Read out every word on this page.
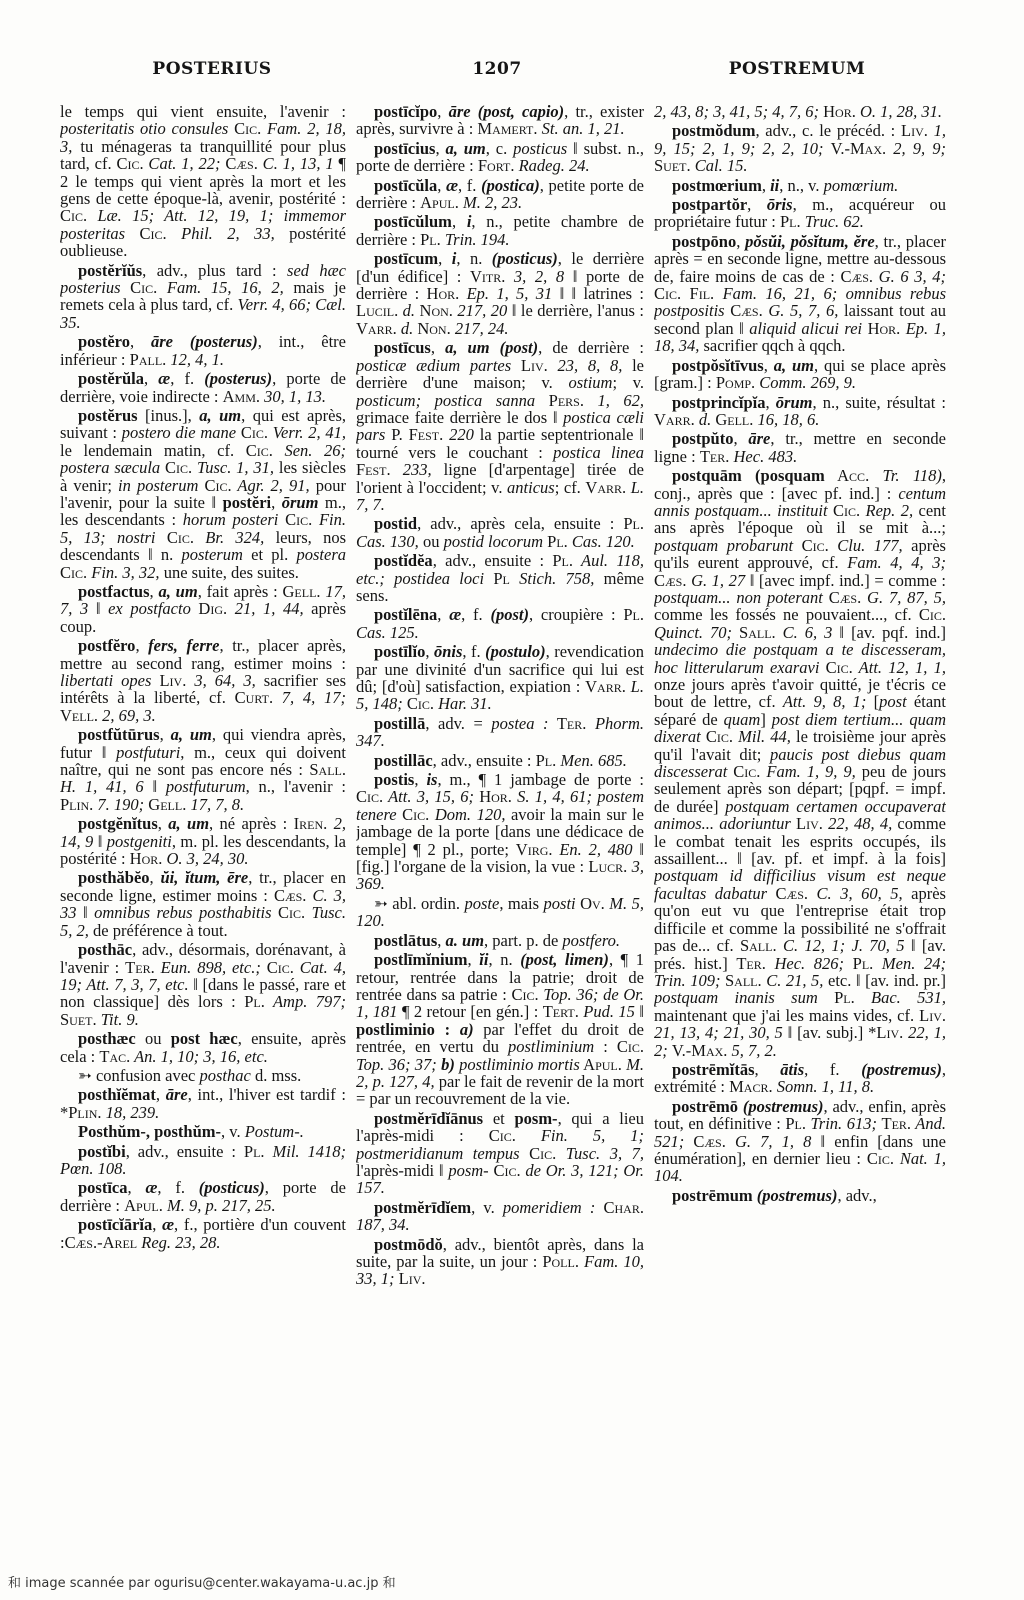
POSTERIUS	1207	POSTREMUM

le temps qui vient ensuite, l'avenir : posteritatis otio consules Cic. Fam. 2, 18, 3, tu ménageras ta tranquillité pour plus tard, cf. Cic. Cat. 1, 22; Cæs. C. 1, 13, 1 ¶ 2 le temps qui vient après la mort et les gens de cette époque-là, avenir, postérité : Cic. Læ. 15; Att. 12, 19, 1; immemor posteritas Cic. Phil. 2, 33, postérité oublieuse.

postĕrĭŭs, adv., plus tard : sed hæc posterius Cic. Fam. 15, 16, 2, mais je remets cela à plus tard, cf. Verr. 4, 66; Cæl. 35.

postĕro, āre (posterus), int., être inférieur : Pall. 12, 4, 1.

postĕrŭla, æ, f. (posterus), porte de derrière, voie indirecte : Amm. 30, 1, 13.

postĕrus [inus.], a, um, qui est après, suivant : postero die mane Cic. Verr. 2, 41, le lendemain matin, cf. Cic. Sen. 26; postera sæcula Cic. Tusc. 1, 31, les siècles à venir; in posterum Cic. Agr. 2, 91, pour l'avenir, pour la suite ‖ postĕri, ōrum m., les descendants : horum posteri Cic. Fin. 5, 13; nostri Cic. Br. 324, leurs, nos descendants ‖ n. posterum et pl. postera Cic. Fin. 3, 32, une suite, des suites.

postfactus, a, um, fait après : Gell. 17, 7, 3 ‖ ex postfacto Dig. 21, 1, 44, après coup.

postfĕro, fers, ferre, tr., placer après, mettre au second rang, estimer moins : libertati opes Liv. 3, 64, 3, sacrifier ses intérêts à la liberté, cf. Curt. 7, 4, 17; Vell. 2, 69, 3.

postfŭtūrus, a, um, qui viendra après, futur ‖ postfuturi, m., ceux qui doivent naître, qui ne sont pas encore nés : Sall. H. 1, 41, 6 ‖ postfuturum, n., l'avenir : Plin. 7. 190; Gell. 17, 7, 8.

postgĕnĭtus, a, um, né après : Iren. 2, 14, 9 ‖ postgeniti, m. pl. les descendants, la postérité : Hor. O. 3, 24, 30.

posthăbĕo, ŭi, ĭtum, ēre, tr., placer en seconde ligne, estimer moins : Cæs. C. 3, 33 ‖ omnibus rebus posthabitis Cic. Tusc. 5, 2, de préférence à tout.

posthāc, adv., désormais, dorénavant, à l'avenir : Ter. Eun. 898, etc.; Cic. Cat. 4, 19; Att. 7, 3, 7, etc. ‖ [dans le passé, rare et non classique] dès lors : Pl. Amp. 797; Suet. Tit. 9.

posthæc ou post hæc, ensuite, après cela : Tac. An. 1, 10; 3, 16, etc.

➳ confusion avec posthac d. mss.

posthĭĕmat, āre, int., l'hiver est tardif : *Plin. 18, 239.

Posthŭm-, posthŭm-, v. Postum-.

postĭbi, adv., ensuite : Pl. Mil. 1418; Pœn. 108.

postīca, æ, f. (posticus), porte de derrière : Apul. M. 9, p. 217, 25.

postīcĭārĭa, æ, f., portière d'un couvent :Cæs.-Arel Reg. 23, 28.

postīcĭpo, āre (post, capio), tr., exister après, survivre à : Mamert. St. an. 1, 21.

postīcius, a, um, c. posticus ‖ subst. n., porte de derrière : Fort. Radeg. 24.

postīcŭla, æ, f. (postica), petite porte de derrière : Apul. M. 2, 23.

postīcŭlum, i, n., petite chambre de derrière : Pl. Trin. 194.

postīcum, i, n. (posticus), le derrière [d'un édifice] : Vitr. 3, 2, 8 ‖ porte de derrière : Hor. Ep. 1, 5, 31 ‖ ‖ latrines : Lucil. d. Non. 217, 20 ‖ le derrière, l'anus : Varr. d. Non. 217, 24.

postīcus, a, um (post), de derrière : posticæ ædium partes Liv. 23, 8, 8, le derrière d'une maison; v. ostium; v. posticum; postica sanna Pers. 1, 62, grimace faite derrière le dos ‖ postica cæli pars P. Fest. 220 la partie septentrionale ‖ tourné vers le couchant : postica linea Fest. 233, ligne [d'arpentage] tirée de l'orient à l'occident; v. anticus; cf. Varr. L. 7, 7.

postid, adv., après cela, ensuite : Pl. Cas. 130, ou postid locorum Pl. Cas. 120.

postĭdĕa, adv., ensuite : Pl. Aul. 118, etc.; postidea loci Pl Stich. 758, même sens.

postĭlēna, æ, f. (post), croupière : Pl. Cas. 125.

postīlĭo, ōnis, f. (postulo), revendication par une divinité d'un sacrifice qui lui est dû; [d'où] satisfaction, expiation : Varr. L. 5, 148; Cic. Har. 31.

postillā, adv. = postea : Ter. Phorm. 347.

postillāc, adv., ensuite : Pl. Men. 685.

postis, is, m., ¶ 1 jambage de porte : Cic. Att. 3, 15, 6; Hor. S. 1, 4, 61; postem tenere Cic. Dom. 120, avoir la main sur le jambage de la porte [dans une dédicace de temple] ¶ 2 pl., porte; Virg. En. 2, 480 ‖ [fig.] l'organe de la vision, la vue : Lucr. 3, 369.

➳ abl. ordin. poste, mais posti Ov. M. 5, 120.

postlātus, a. um, part. p. de postfero.

postlīmĭnium, ĭi, n. (post, limen), ¶ 1 retour, rentrée dans la patrie; droit de rentrée dans sa patrie : Cic. Top. 36; de Or. 1, 181 ¶ 2 retour [en gén.] : Tert. Pud. 15 ‖ postliminio : a) par l'effet du droit de rentrée, en vertu du postliminium : Cic. Top. 36; 37; b) postliminio mortis Apul. M. 2, p. 127, 4, par le fait de revenir de la mort = par un recouvrement de la vie.

postmĕrīdĭānus et posm-, qui a lieu l'après-midi : Cic. Fin. 5, 1; postmeridianum tempus Cic. Tusc. 3, 7, l'après-midi ‖ posm- Cic. de Or. 3, 121; Or. 157.

postmĕrīdĭem, v. pomeridiem : Char. 187, 34.

postmōdŏ, adv., bientôt après, dans la suite, par la suite, un jour : Poll. Fam. 10, 33, 1; Liv.

2, 43, 8; 3, 41, 5; 4, 7, 6; Hor. O. 1, 28, 31.

postmŏdum, adv., c. le précéd. : Liv. 1, 9, 15; 2, 1, 9; 2, 2, 10; V.-Max. 2, 9, 9; Suet. Cal. 15.

postmœrium, ii, n., v. pomœrium.

postpartŏr, ōris, m., acquéreur ou propriétaire futur : Pl. Truc. 62.

postpōno, pŏsŭi, pŏsĭtum, ĕre, tr., placer après = en seconde ligne, mettre au-dessous de, faire moins de cas de : Cæs. G. 6 3, 4; Cic. Fil. Fam. 16, 21, 6; omnibus rebus postpositis Cæs. G. 5, 7, 6, laissant tout au second plan ‖ aliquid alicui rei Hor. Ep. 1, 18, 34, sacrifier qqch à qqch.

postpŏsĭtīvus, a, um, qui se place après [gram.] : Pomp. Comm. 269, 9.

postprincĭpĭa, ōrum, n., suite, résultat : Varr. d. Gell. 16, 18, 6.

postpŭto, āre, tr., mettre en seconde ligne : Ter. Hec. 483.

postquām (posquam Acc. Tr. 118), conj., après que : [avec pf. ind.] : centum annis postquam... instituit Cic. Rep. 2, cent ans après l'époque où il se mit à...; postquam probarunt Cic. Clu. 177, après qu'ils eurent approuvé, cf. Fam. 4, 4, 3; Cæs. G. 1, 27 ‖ [avec impf. ind.] = comme : postquam... non poterant Cæs. G. 7, 87, 5, comme les fossés ne pouvaient..., cf. Cic. Quinct. 70; Sall. C. 6, 3 ‖ [av. pqf. ind.] undecimo die postquam a te discesseram, hoc litterularum exaravi Cic. Att. 12, 1, 1, onze jours après t'avoir quitté, je t'écris ce bout de lettre, cf. Att. 9, 8, 1; [post étant séparé de quam] post diem tertium... quam dixerat Cic. Mil. 44, le troisième jour après qu'il l'avait dit; paucis post diebus quam discesserat Cic. Fam. 1, 9, 9, peu de jours seulement après son départ; [pqpf. = impf. de durée] postquam certamen occupaverat animos... adoriuntur Liv. 22, 48, 4, comme le combat tenait les esprits occupés, ils assaillent... ‖ [av. pf. et impf. à la fois] postquam id difficilius visum est neque facultas dabatur Cæs. C. 3, 60, 5, après qu'on eut vu que l'entreprise était trop difficile et comme la possibilité ne s'offrait pas de... cf. Sall. C. 12, 1; J. 70, 5 ‖ [av. prés. hist.] Ter. Hec. 826; Pl. Men. 24; Trin. 109; Sall. C. 21, 5, etc. ‖ [av. ind. pr.] postquam inanis sum Pl. Bac. 531, maintenant que j'ai les mains vides, cf. Liv. 21, 13, 4; 21, 30, 5 ‖ [av. subj.] *Liv. 22, 1, 2; V.-Max. 5, 7, 2.

postrēmĭtās, ātis, f. (postremus), extrémité : Macr. Somn. 1, 11, 8.

postrēmō (postremus), adv., enfin, après tout, en définitive : Pl. Trin. 613; Ter. And. 521; Cæs. G. 7, 1, 8 ‖ enfin [dans une énumération], en dernier lieu : Cic. Nat. 1, 104.

postrēmum (postremus), adv.,

和 image scannée par ogurisu@center.wakayama-u.ac.jp 和
